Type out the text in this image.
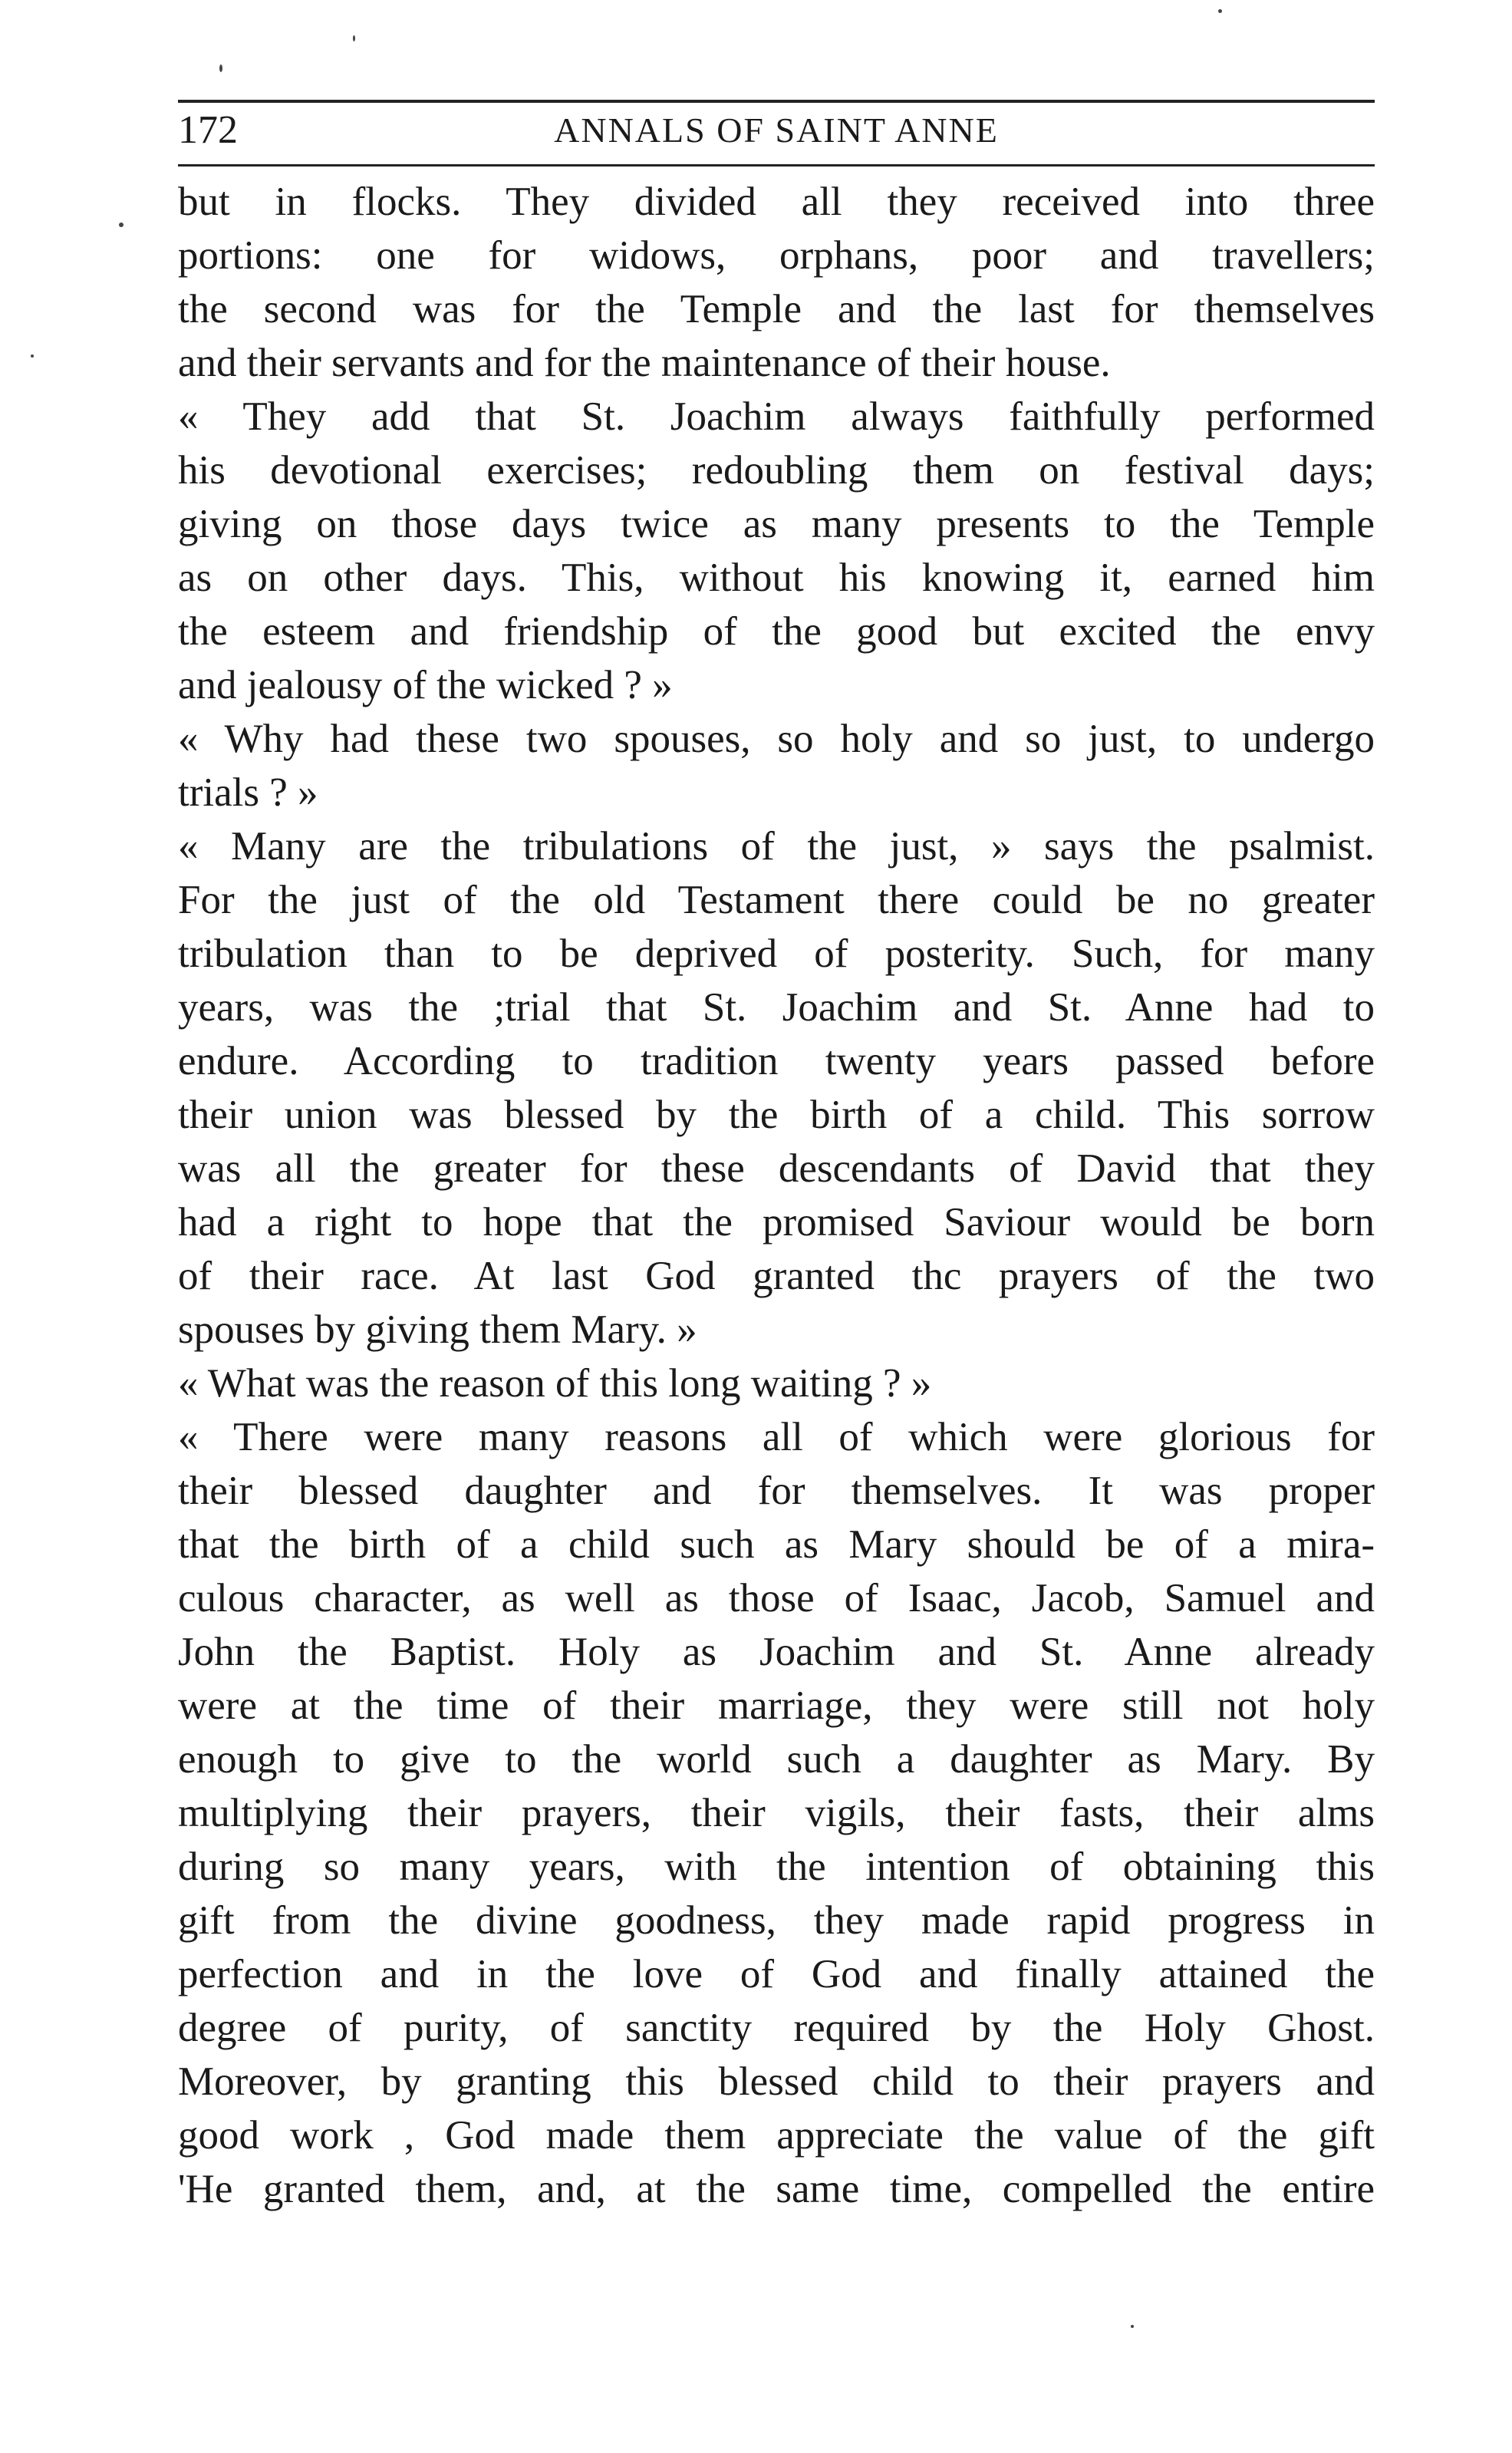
172	ANNALS OF SAINT ANNE
but in flocks. They divided all they received into three
portions: one for widows, orphans, poor and travellers;
the second was for the Temple and the last for themselves
and their servants and for the maintenance of their house.
« They add that St. Joachim always faithfully performed
his devotional exercises; redoubling them on festival days;
giving on those days twice as many presents to the Temple
as on other days. This, without his knowing it, earned him
the esteem and friendship of the good but excited the envy
and jealousy of the wicked ? »
« Why had these two spouses, so holy and so just, to undergo
trials ? »
« Many are the tribulations of the just, » says the psalmist.
For the just of the old Testament there could be no greater
tribulation than to be deprived of posterity. Such, for many
years, was the ;trial that St. Joachim and St. Anne had to
endure. According to tradition twenty years passed before
their union was blessed by the birth of a child. This sorrow
was all the greater for these descendants of David that they
had a right to hope that the promised Saviour would be born
of their race. At last God granted thc prayers of the two
spouses by giving them Mary. »
« What was the reason of this long waiting ? »
« There were many reasons all of which were glorious for
their blessed daughter and for themselves. It was proper
that the birth of a child such as Mary should be of a mira-
culous character, as well as those of Isaac, Jacob, Samuel and
John the Baptist. Holy as Joachim and St. Anne already
were at the time of their marriage, they were still not holy
enough to give to the world such a daughter as Mary. By
multiplying their prayers, their vigils, their fasts, their alms
during so many years, with the intention of obtaining this
gift from the divine goodness, they made rapid progress in
perfection and in the love of God and finally attained the
degree of purity, of sanctity required by the Holy Ghost.
Moreover, by granting this blessed child to their prayers and
good work , God made them appreciate the value of the gift
'He granted them, and, at the same time, compelled the entire
